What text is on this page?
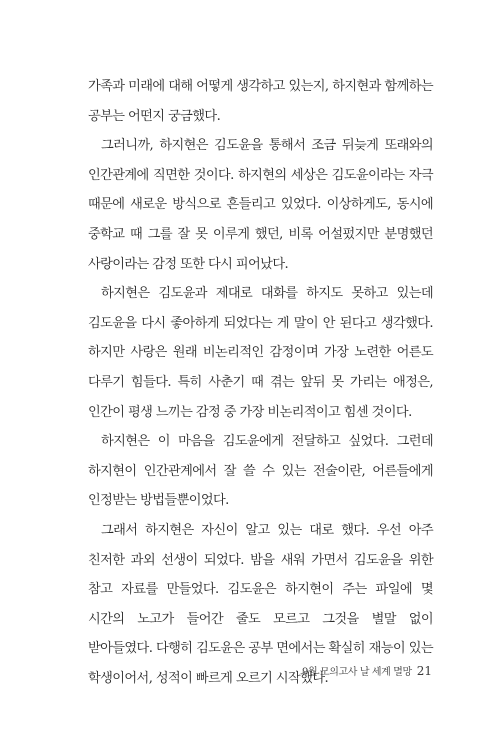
가족과 미래에 대해 어떻게 생각하고 있는지, 하지현과 함께하는 공부는 어떤지 궁금했다.

그러니까, 하지현은 김도윤을 통해서 조금 뒤늦게 또래와의 인간관계에 직면한 것이다. 하지현의 세상은 김도윤이라는 자극 때문에 새로운 방식으로 흔들리고 있었다. 이상하게도, 동시에 중학교 때 그를 잘 못 이루게 했던, 비록 어설펐지만 분명했던 사랑이라는 감정 또한 다시 피어났다.

하지현은 김도윤과 제대로 대화를 하지도 못하고 있는데 김도윤을 다시 좋아하게 되었다는 게 말이 안 된다고 생각했다. 하지만 사랑은 원래 비논리적인 감정이며 가장 노련한 어른도 다루기 힘들다. 특히 사춘기 때 겪는 앞뒤 못 가리는 애정은, 인간이 평생 느끼는 감정 중 가장 비논리적이고 힘센 것이다.

하지현은 이 마음을 김도윤에게 전달하고 싶었다. 그런데 하지현이 인간관계에서 잘 쓸 수 있는 전술이란, 어른들에게 인정받는 방법들뿐이었다.

그래서 하지현은 자신이 알고 있는 대로 했다. 우선 아주 친저한 과외 선생이 되었다. 밤을 새워 가면서 김도윤을 위한 참고 자료를 만들었다. 김도윤은 하지현이 주는 파일에 몇 시간의 노고가 들어간 줄도 모르고 그것을 별말 없이 받아들였다. 다행히 김도윤은 공부 면에서는 확실히 재능이 있는 학생이어서, 성적이 빠르게 오르기 시작했다.

9월 모의고사 날 세계 멸망 21
